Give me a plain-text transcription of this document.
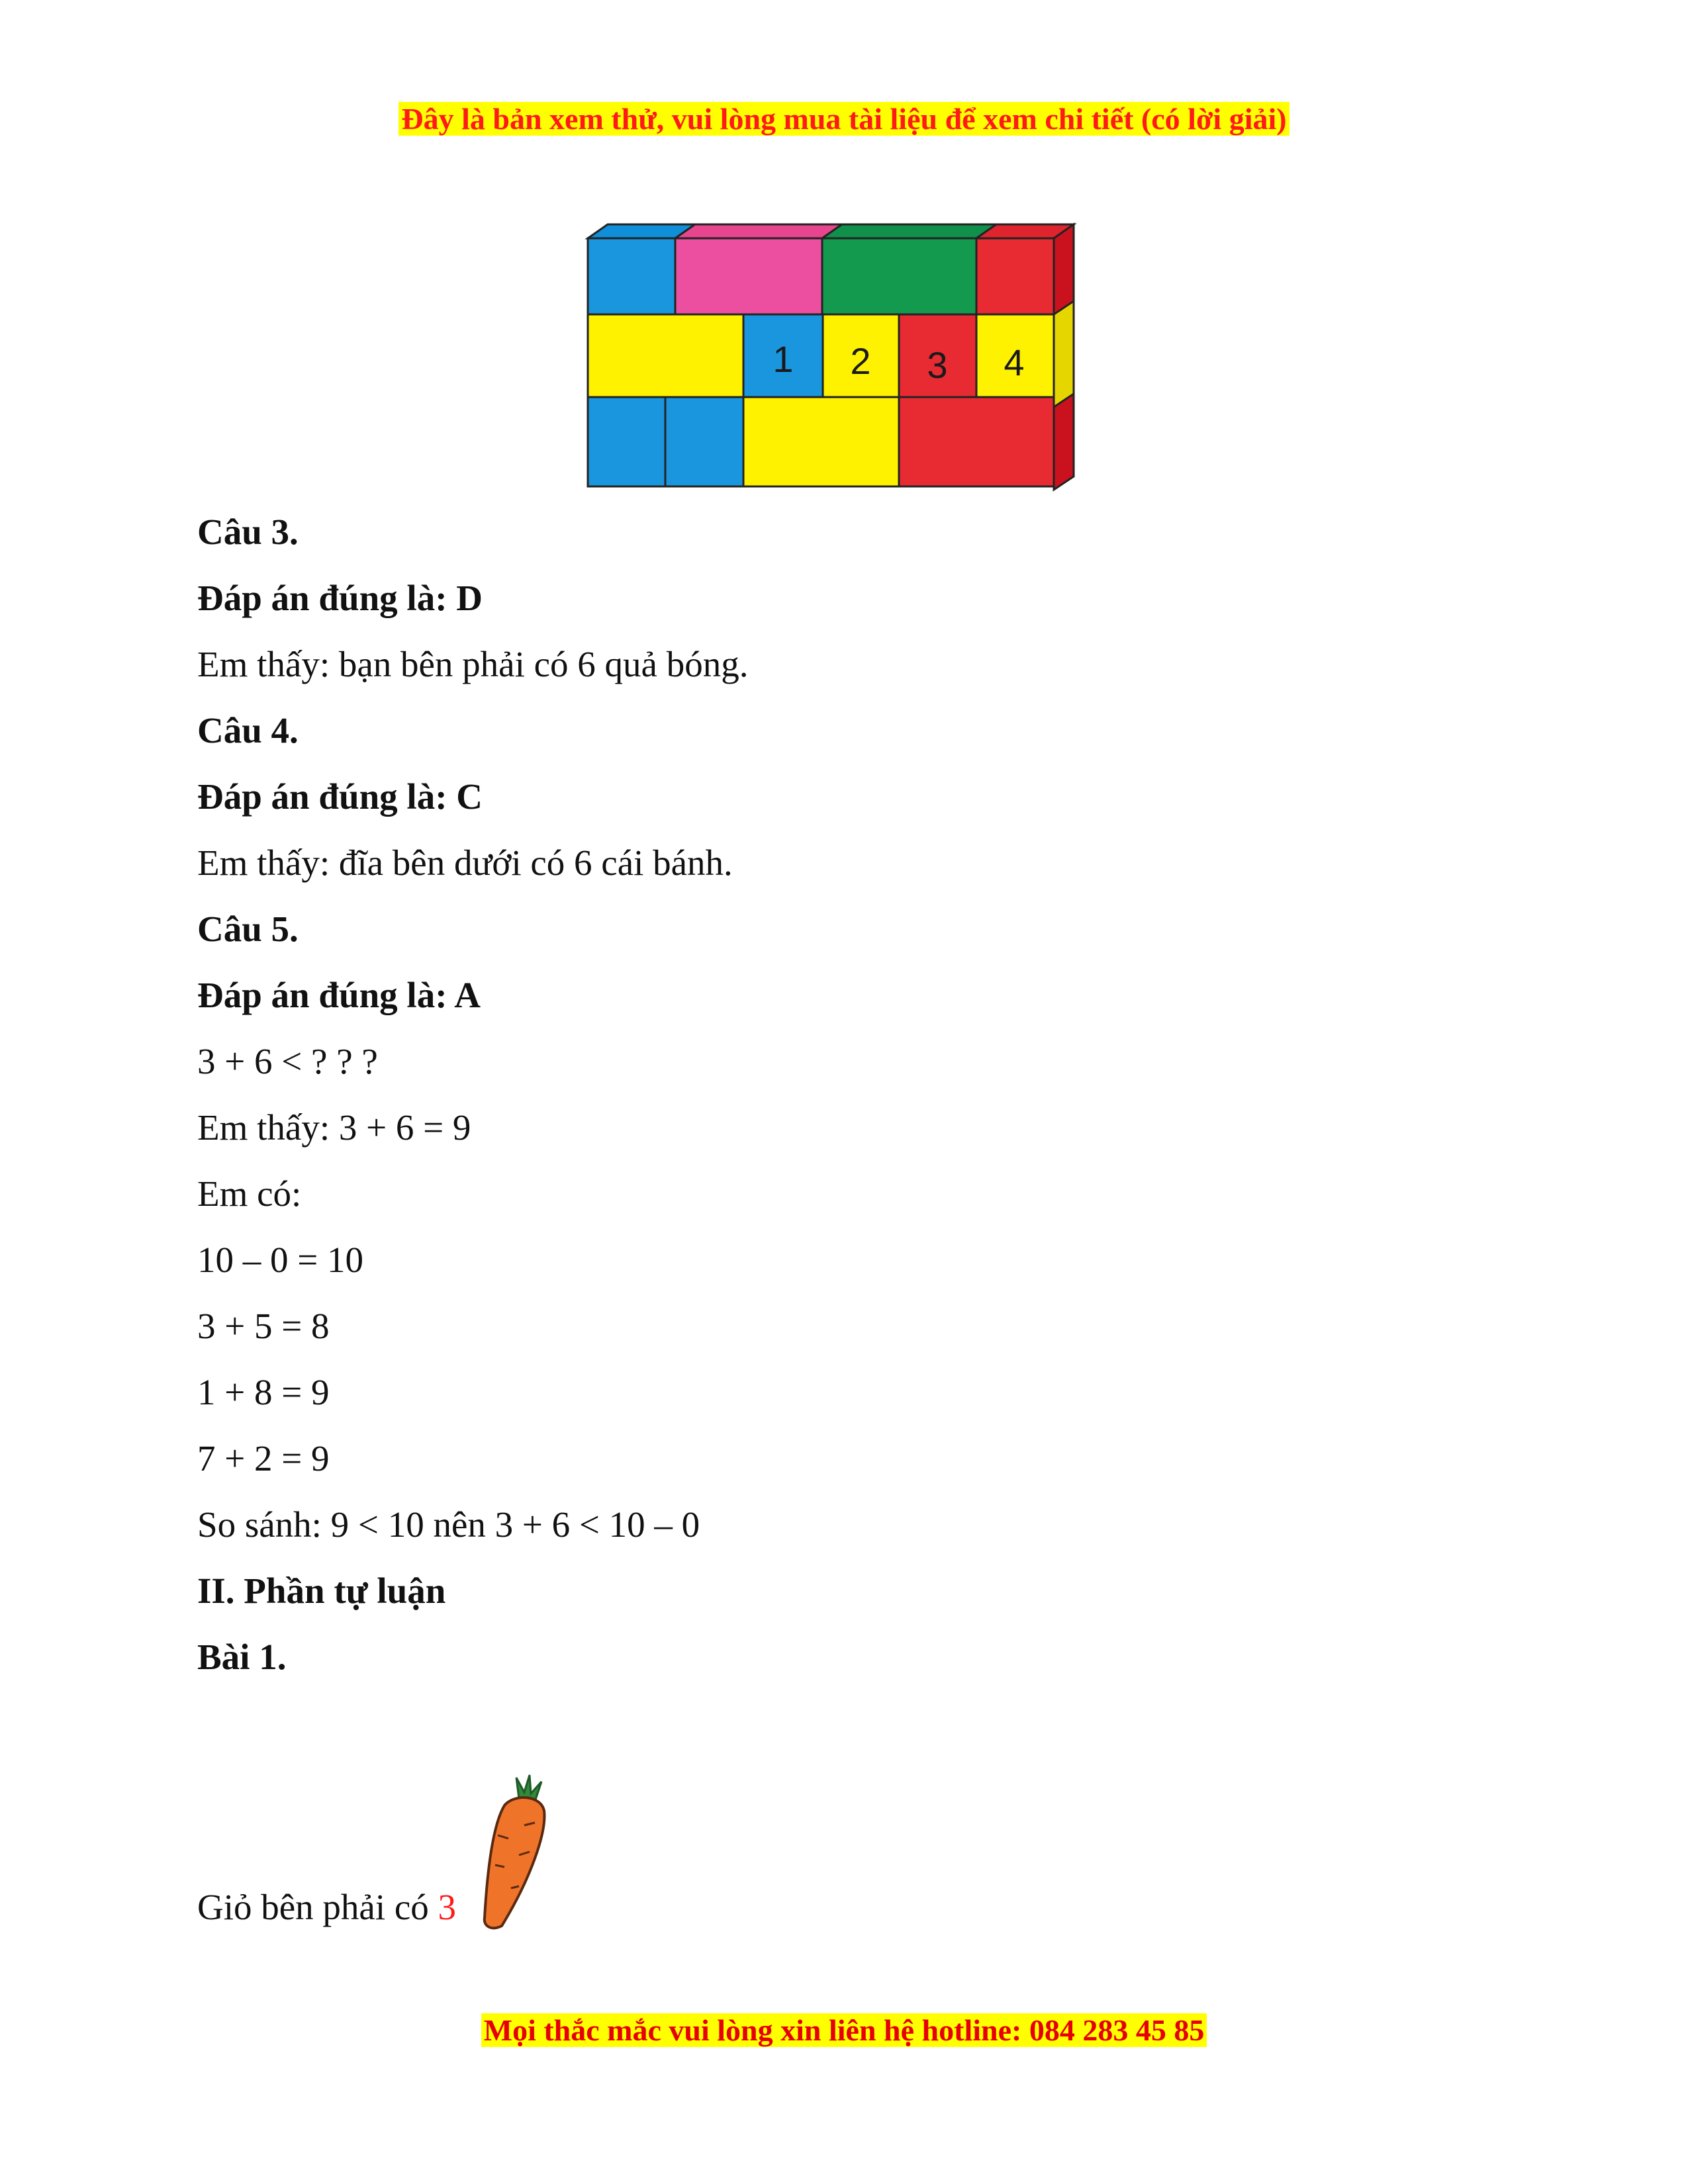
Đây là bản xem thử, vui lòng mua tài liệu để xem chi tiết (có lời giải)
1 2 3 4
Câu 3.
Đáp án đúng là: D
Em thấy: bạn bên phải có 6 quả bóng.
Câu 4.
Đáp án đúng là: C
Em thấy: đĩa bên dưới có 6 cái bánh.
Câu 5.
Đáp án đúng là: A
3 + 6 < ? ? ?
Em thấy: 3 + 6 = 9
Em có:
10 – 0 = 10
3 + 5 = 8
1 + 8 = 9
7 + 2 = 9
So sánh: 9 < 10 nên 3 + 6 < 10 – 0
II. Phần tự luận
Bài 1.
Giỏ bên phải có 3
Mọi thắc mắc vui lòng xin liên hệ hotline: 084 283 45 85
